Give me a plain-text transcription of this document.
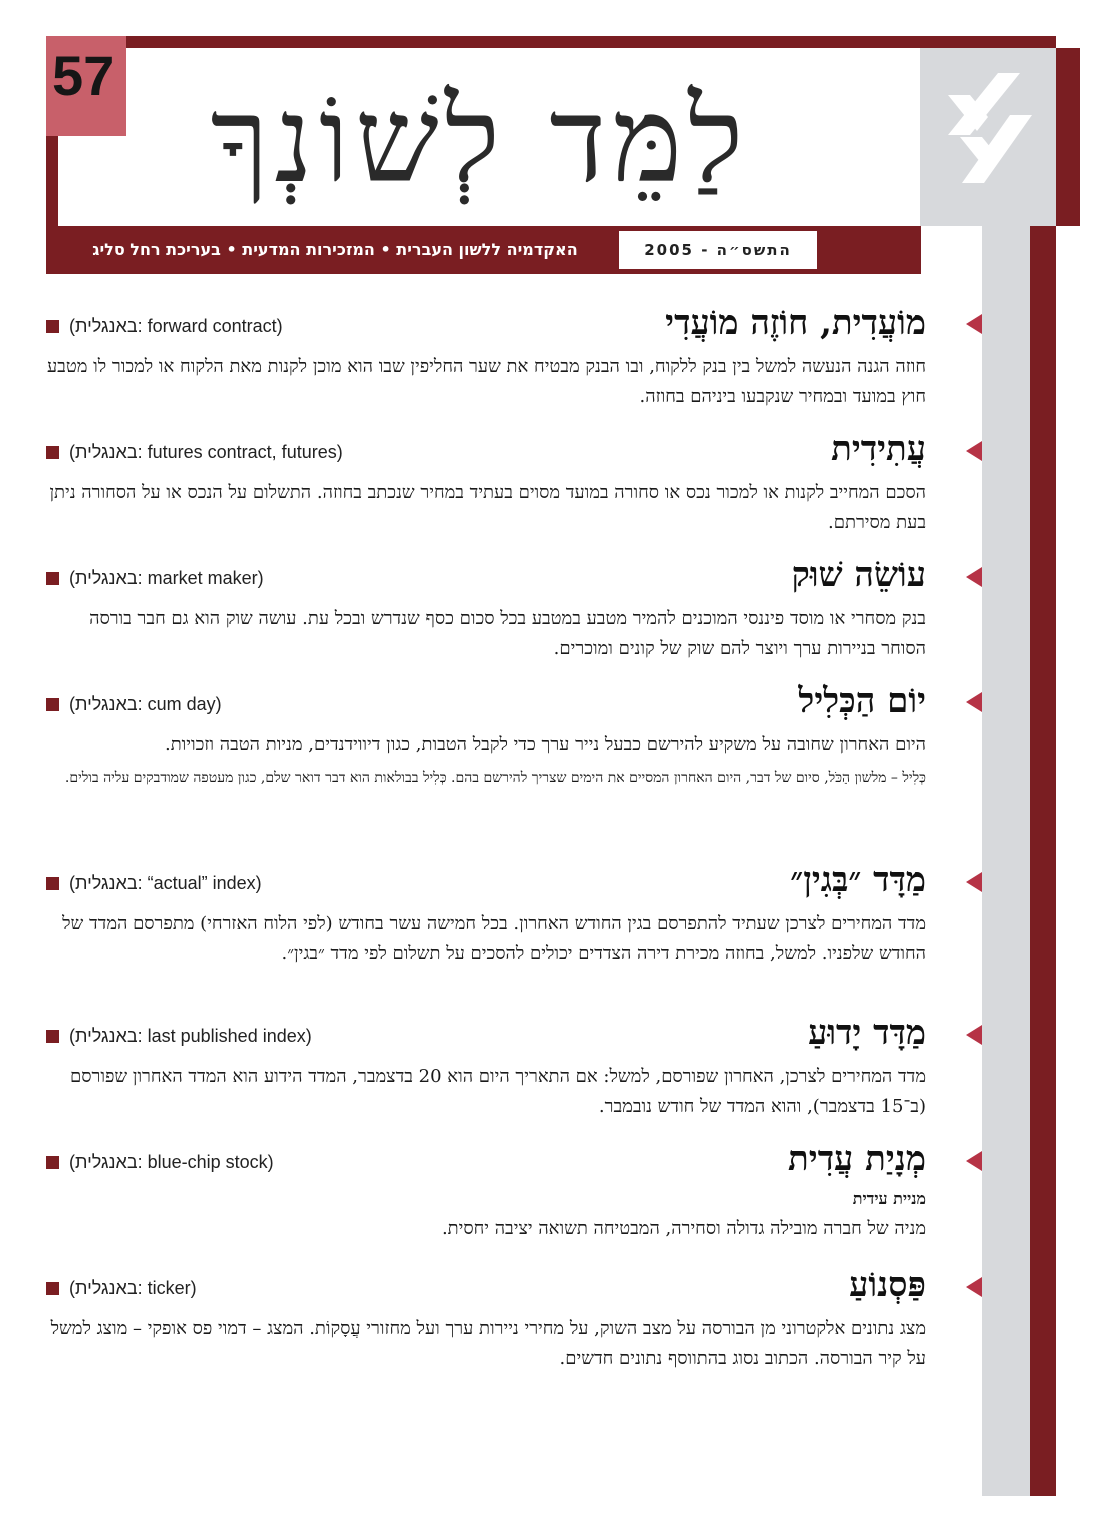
57 לַמֵּד לְשׁוֹנְךָ
האקדמיה ללשון העברית • המזכירות המדעית • בעריכת רחל סליג	התשס״ה - 2005
מוֹעֲדִית, חוֹזֶה מוֹעֲדִי
(באנגלית: forward contract)

חוזה הגנה הנעשה למשל בין בנק ללקוח, ובו הבנק מבטיח את שער החליפין שבו הוא מוכן לקנות מאת הלקוח או למכור לו מטבע חוץ במועד ובמחיר שנקבעו ביניהם בחוזה.

עֲתִידִית
(באנגלית: futures contract, futures)

הסכם המחייב לקנות או למכור נכס או סחורה במועד מסוים בעתיד במחיר שנכתב בחוזה. התשלום על הנכס או על הסחורה ניתן בעת מסירתם.

עוֹשֵׂה שׁוּק
(באנגלית: market maker)

בנק מסחרי או מוסד פיננסי המוכנים להמיר מטבע במטבע בכל סכום כסף שנדרש ובכל עת. עושה שוק הוא גם חבר בורסה הסוחר בניירות ערך ויוצר להם שוק של קונים ומוכרים.

יוֹם הַכְּלִיל
(באנגלית: cum day)

היום האחרון שחובה על משקיע להירשם כבעל נייר ערך כדי לקבל הטבות, כגון דיווידנדים, מניות הטבה וזכויות.

כְּלִיל – מלשון הַכֹּל, סיום של דבר, היום האחרון המסיים את הימים שצריך להירשם בהם. כְּלִיל בבולאות הוא דבר דואר שלם, כגון מעטפה שמודבקים עליה בולים.

מַדָּד ״בְּגִין״
(באנגלית: “actual” index)

מדד המחירים לצרכן שעתיד להתפרסם בגין החודש האחרון. בכל חמישה עשר בחודש (לפי הלוח האזרחי) מתפרסם המדד של החודש שלפניו. למשל, בחוזה מכירת דירה הצדדים יכולים להסכים על תשלום לפי מדד ״בגין״.

מַדָּד יָדוּעַ
(באנגלית: last published index)

מדד המחירים לצרכן, האחרון שפורסם, למשל: אם התאריך היום הוא 20 בדצמבר, המדד הידוע הוא המדד האחרון שפורסם (ב־15 בדצמבר), והוא המדד של חודש נובמבר.

מְנָיַת עֲדִית
(באנגלית: blue-chip stock)

מניית עידית

מניה של חברה מובילה גדולה וסחירה, המבטיחה תשואה יציבה יחסית.

פַּסְנוֹעַ
(באנגלית: ticker)

מצג נתונים אלקטרוני מן הבורסה על מצב השוק, על מחירי ניירות ערך ועל מחזורי עֲסָקוֹת. המצג – דמוי פס אופקי – מוצג למשל על קיר הבורסה. הכתוב נסוג בהתווסף נתונים חדשים.
